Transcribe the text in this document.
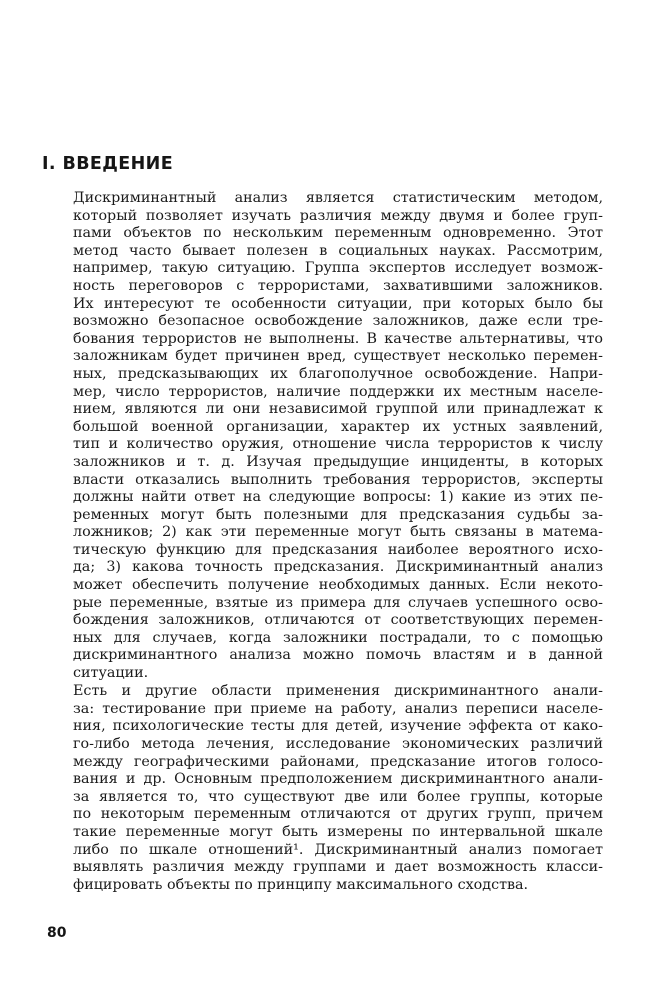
I. ВВЕДЕНИЕ

Дискриминантный анализ является статистическим методом,
который позволяет изучать различия между двумя и более груп-
пами объектов по нескольким переменным одновременно. Этот
метод часто бывает полезен в социальных науках. Рассмотрим,
например, такую ситуацию. Группа экспертов исследует возмож-
ность переговоров с террористами, захватившими заложников.
Их интересуют те особенности ситуации, при которых было бы
возможно безопасное освобождение заложников, даже если тре-
бования террористов не выполнены. В качестве альтернативы, что
заложникам будет причинен вред, существует несколько перемен-
ных, предсказывающих их благополучное освобождение. Напри-
мер, число террористов, наличие поддержки их местным населе-
нием, являются ли они независимой группой или принадлежат к
большой военной организации, характер их устных заявлений,
тип и количество оружия, отношение числа террористов к числу
заложников и т. д. Изучая предыдущие инциденты, в которых
власти отказались выполнить требования террористов, эксперты
должны найти ответ на следующие вопросы: 1) какие из этих пе-
ременных могут быть полезными для предсказания судьбы за-
ложников; 2) как эти переменные могут быть связаны в матема-
тическую функцию для предсказания наиболее вероятного исхо-
да; 3) какова точность предсказания. Дискриминантный анализ
может обеспечить получение необходимых данных. Если некото-
рые переменные, взятые из примера для случаев успешного осво-
бождения заложников, отличаются от соответствующих перемен-
ных для случаев, когда заложники пострадали, то с помощью
дискриминантного анализа можно помочь властям и в данной
ситуации.

Есть и другие области применения дискриминантного анали-
за: тестирование при приеме на работу, анализ переписи населе-
ния, психологические тесты для детей, изучение эффекта от како-
го-либо метода лечения, исследование экономических различий
между географическими районами, предсказание итогов голосо-
вания и др. Основным предположением дискриминантного анали-
за является то, что существуют две или более группы, которые
по некоторым переменным отличаются от других групп, причем
такие переменные могут быть измерены по интервальной шкале
либо по шкале отношений¹. Дискриминантный анализ помогает
выявлять различия между группами и дает возможность класси-
фицировать объекты по принципу максимального сходства.

80
